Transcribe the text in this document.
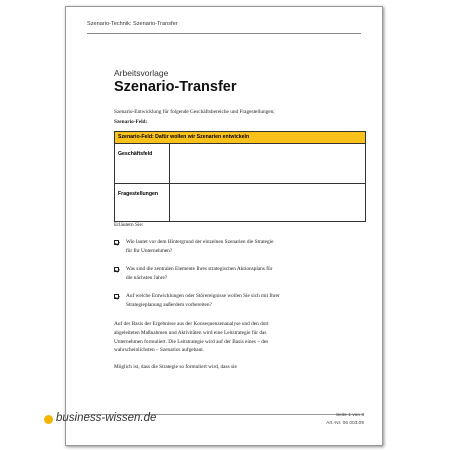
Szenario-Technik: Szenario-Transfer
Arbeitsvorlage
Szenario-Transfer
Szenario-Entwicklung für folgende Geschäftsbereiche und Fragestellungen;
Szenario-Feld:
Szenario-Feld: Dafür wollen wir Szenarien entwickeln	
Geschäftsfeld	
Fragestellungen	
Erläutern Sie:
Wie lautet vor dem Hintergrund der einzelnen Szenarien die Strategie
für Ihr Unternehmen?
Was sind die zentralen Elemente Ihres strategischen Aktionsplans für
die nächsten Jahre?
Auf welche Entwicklungen oder Störereignisse wollen Sie sich mit Ihrer
Strategieplanung außerdem vorbereiten?
Auf der Basis der Ergebnisse aus der Konsequenzenanalyse und den dort
abgeleiteten Maßnahmen und Aktivitäten wird eine Leitstrategie für das
Unternehmen formuliert. Die Leitstrategie wird auf der Basis eines – des
wahrscheinlichsten – Szenarios aufgebaut.
Möglich ist, dass die Strategie so formuliert wird, dass sie
business-wissen.de	Seite 1 von 3
Art.-Nr. 06 003.09
